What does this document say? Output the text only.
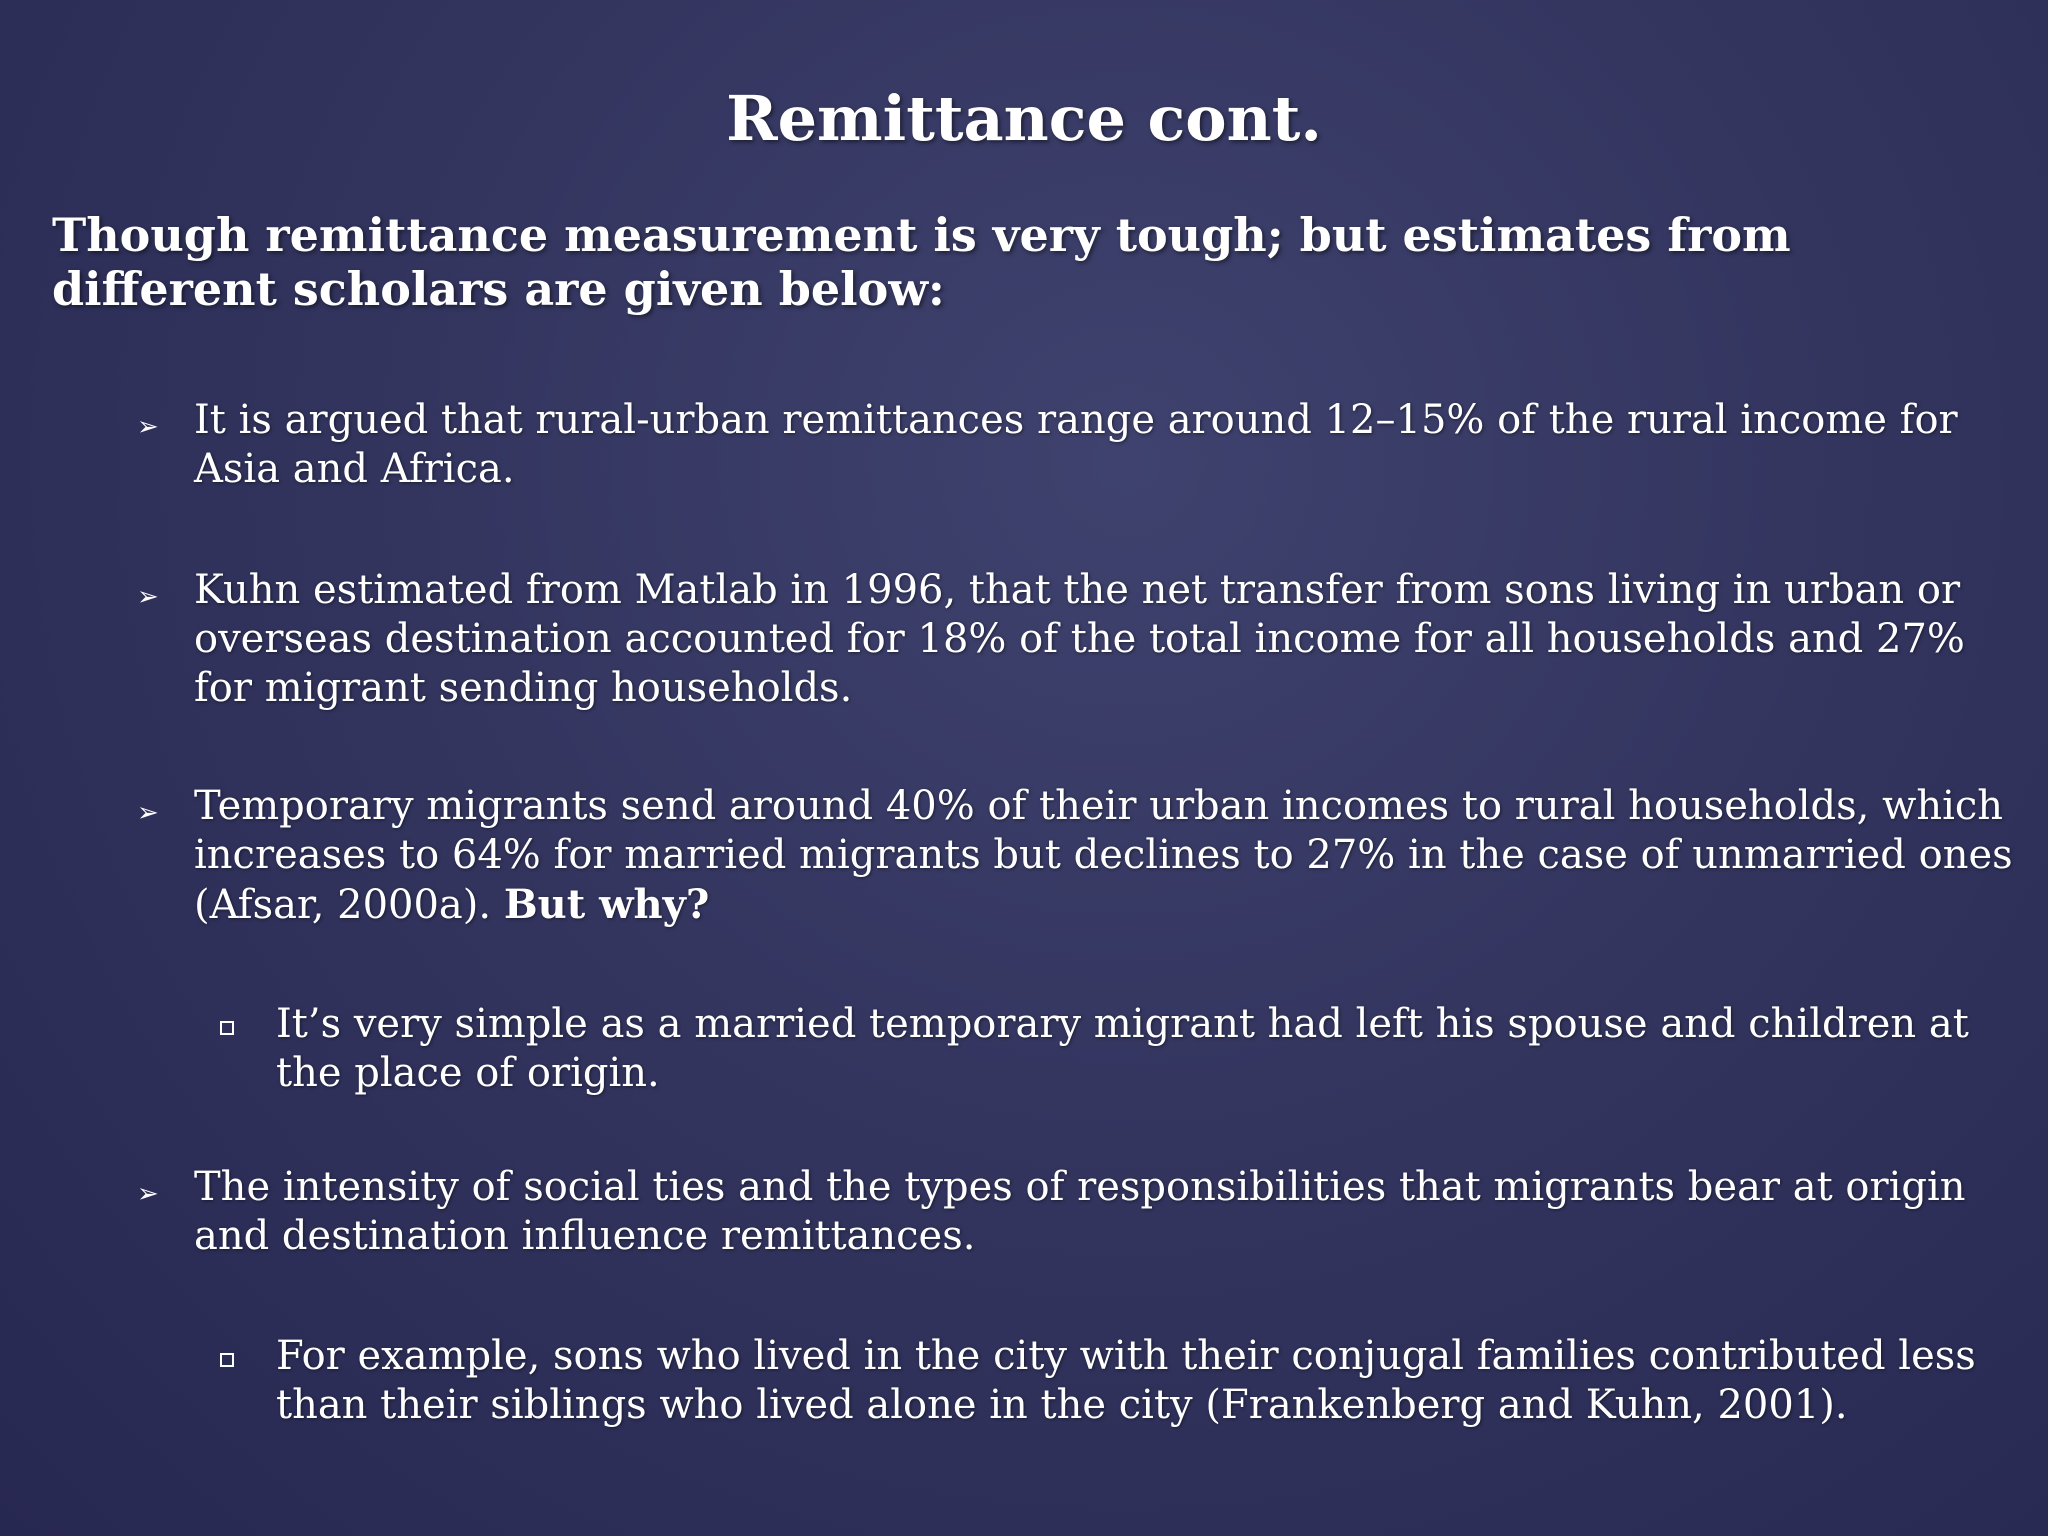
Remittance cont.
Though remittance measurement is very tough; but estimates from different scholars are given below:
➢ It is argued that rural-urban remittances range around 12–15% of the rural income for Asia and Africa.
➢ Kuhn estimated from Matlab in 1996, that the net transfer from sons living in urban or overseas destination accounted for 18% of the total income for all households and 27% for migrant sending households.
➢ Temporary migrants send around 40% of their urban incomes to rural households, which increases to 64% for married migrants but declines to 27% in the case of unmarried ones (Afsar, 2000a). But why?
It’s very simple as a married temporary migrant had left his spouse and children at the place of origin.
➢ The intensity of social ties and the types of responsibilities that migrants bear at origin and destination influence remittances.
For example, sons who lived in the city with their conjugal families contributed less than their siblings who lived alone in the city (Frankenberg and Kuhn, 2001).
